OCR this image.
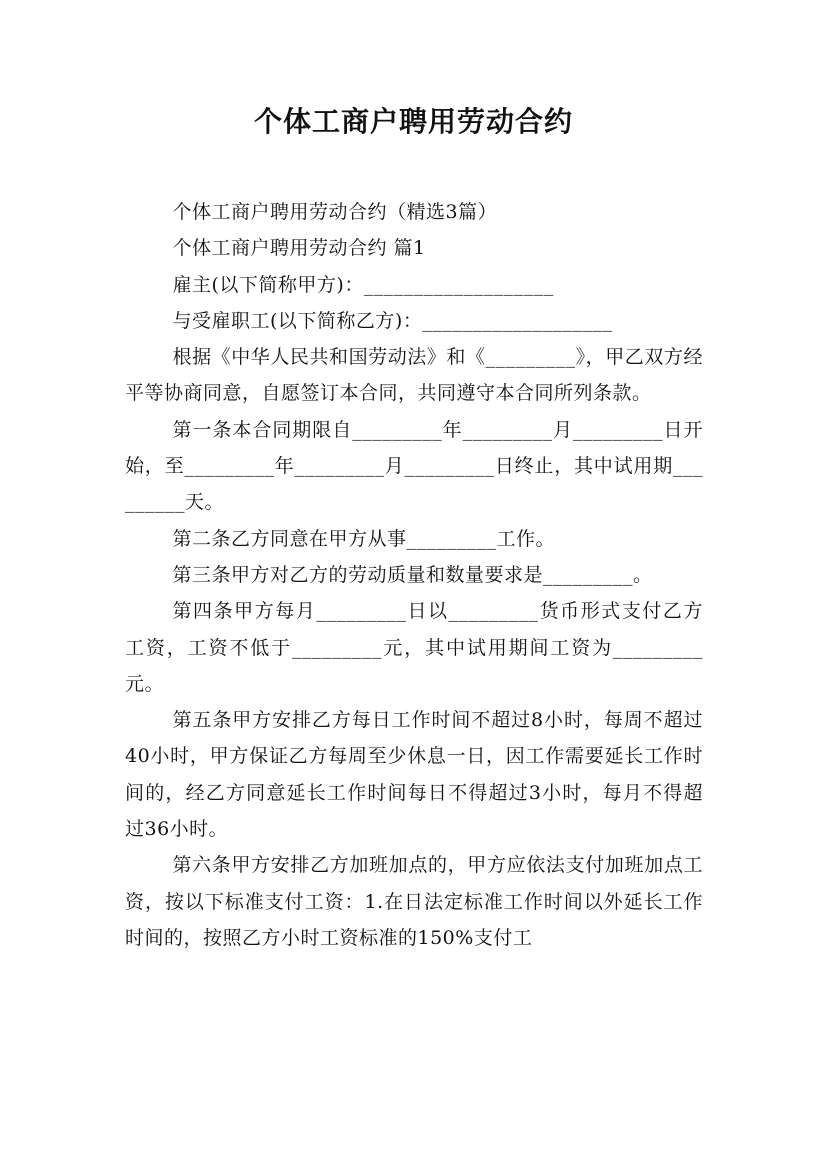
个体工商户聘用劳动合约

个体工商户聘用劳动合约（精选3篇）

个体工商户聘用劳动合约 篇1

雇主(以下简称甲方)：___________________

与受雇职工(以下简称乙方)：___________________

根据《中华人民共和国劳动法》和《_________》，甲乙双方经平等协商同意，自愿签订本合同，共同遵守本合同所列条款。

第一条本合同期限自_________年_________月_________日开始，至_________年_________月_________日终止，其中试用期_________天。

第二条乙方同意在甲方从事_________工作。

第三条甲方对乙方的劳动质量和数量要求是_________。

第四条甲方每月_________日以_________货币形式支付乙方工资，工资不低于_________元，其中试用期间工资为_________元。

第五条甲方安排乙方每日工作时间不超过8小时，每周不超过40小时，甲方保证乙方每周至少休息一日，因工作需要延长工作时间的，经乙方同意延长工作时间每日不得超过3小时，每月不得超过36小时。

第六条甲方安排乙方加班加点的，甲方应依法支付加班加点工资，按以下标准支付工资：1.在日法定标准工作时间以外延长工作时间的，按照乙方小时工资标准的150%支付工
